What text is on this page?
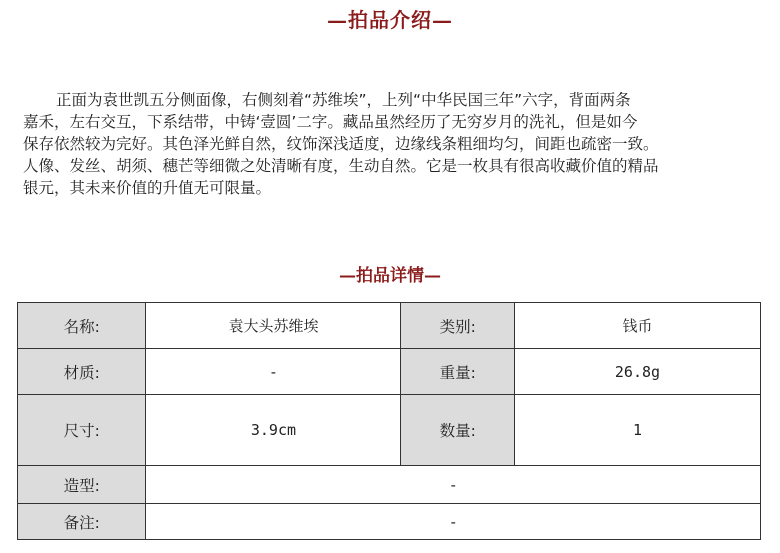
—拍品介绍—

正面为袁世凯五分侧面像，右侧刻着“苏维埃”，上列“中华民国三年”六字，背面两条
嘉禾，左右交互，下系结带，中铸‘壹圆’二字。藏品虽然经历了无穷岁月的洗礼，但是如今
保存依然较为完好。其色泽光鲜自然，纹饰深浅适度，边缘线条粗细均匀，间距也疏密一致。
人像、发丝、胡须、穗芒等细微之处清晰有度，生动自然。它是一枚具有很高收藏价值的精品
银元，其未来价值的升值无可限量。

—拍品详情—
名称:	袁大头苏维埃	类别:	钱币
材质:	-	重量:	26.8g
尺寸:	3.9cm	数量:	1
造型:	-		
备注:	-		
